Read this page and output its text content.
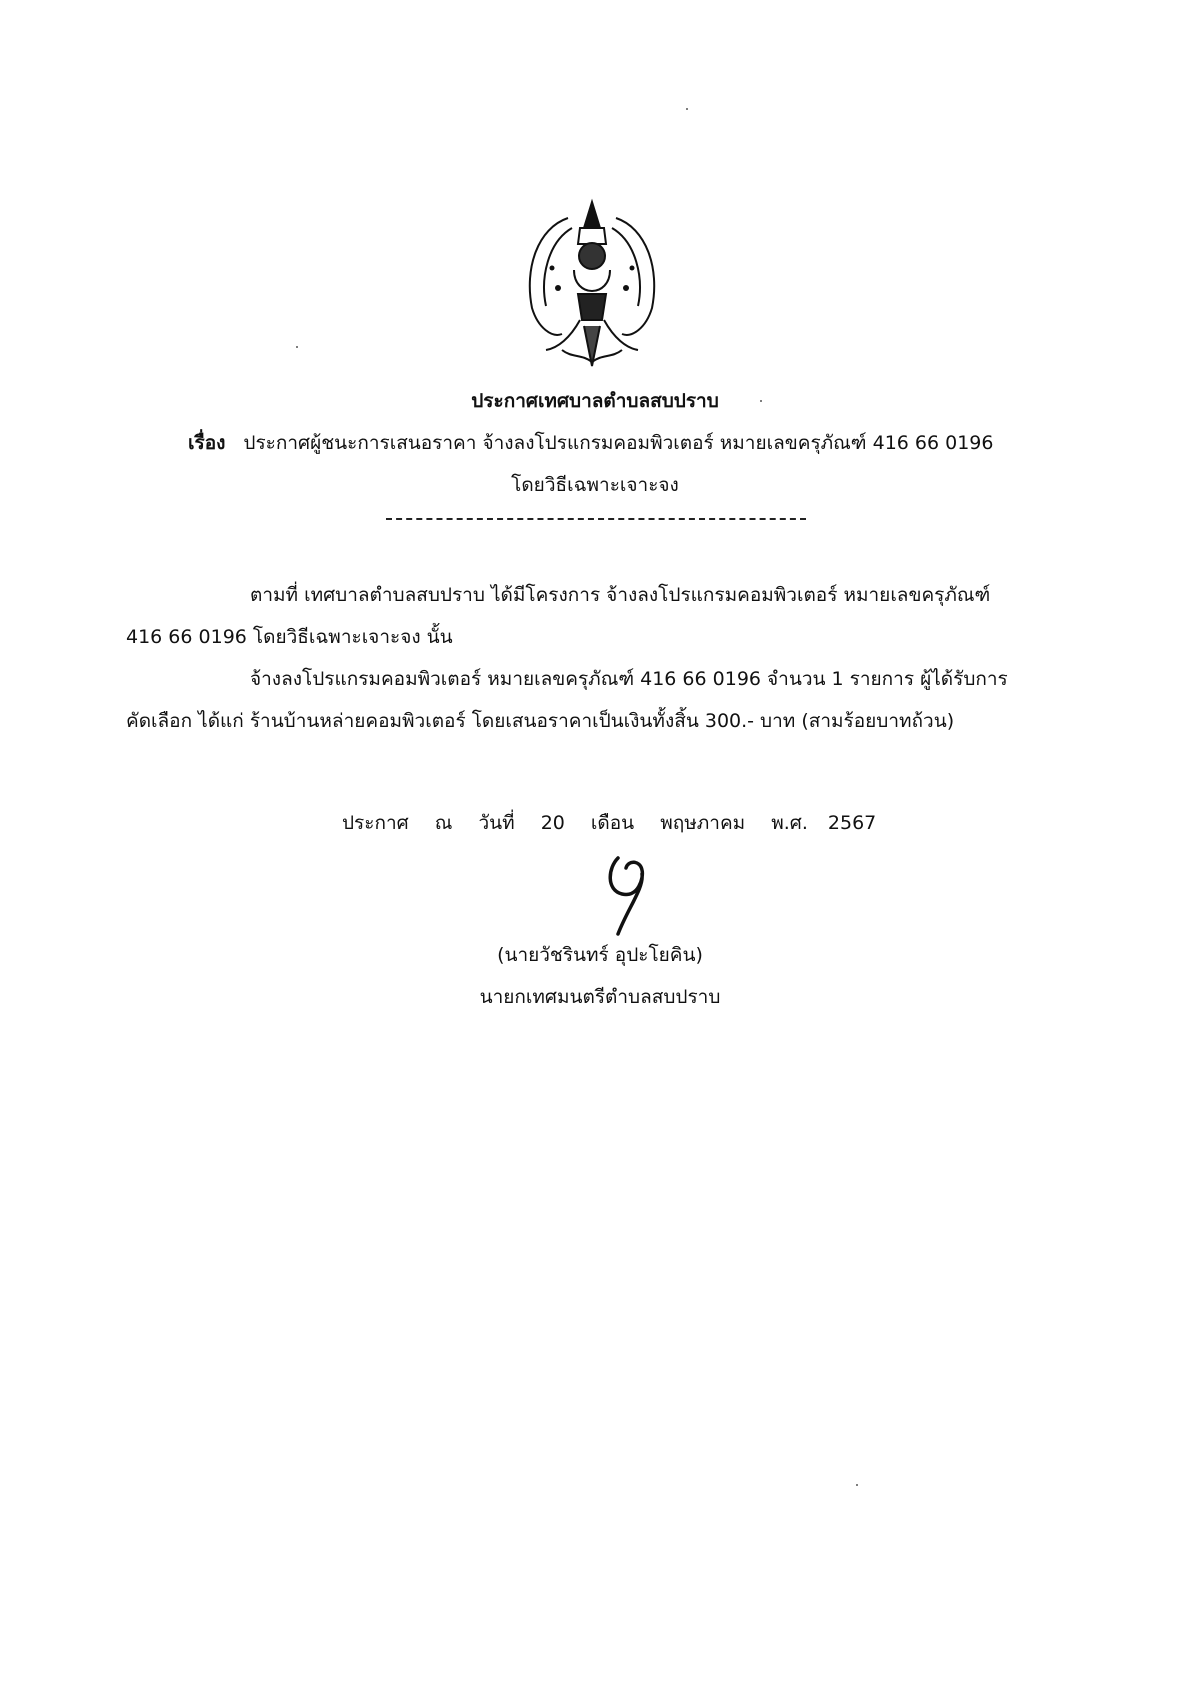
ประกาศเทศบาลตำบลสบปราบ
เรื่อง ประกาศผู้ชนะการเสนอราคา จ้างลงโปรแกรมคอมพิวเตอร์ หมายเลขครุภัณฑ์ 416 66 0196
โดยวิธีเฉพาะเจาะจง
ตามที่ เทศบาลตำบลสบปราบ ได้มีโครงการ จ้างลงโปรแกรมคอมพิวเตอร์ หมายเลขครุภัณฑ์
416 66 0196 โดยวิธีเฉพาะเจาะจง นั้น
จ้างลงโปรแกรมคอมพิวเตอร์ หมายเลขครุภัณฑ์ 416 66 0196 จำนวน 1 รายการ ผู้ได้รับการ
คัดเลือก ได้แก่ ร้านบ้านหล่ายคอมพิวเตอร์ โดยเสนอราคาเป็นเงินทั้งสิ้น 300.- บาท (สามร้อยบาทถ้วน)
ประกาศ ณ วันที่ 20 เดือน พฤษภาคม พ.ศ. 2567
(นายวัชรินทร์ อุปะโยคิน)
นายกเทศมนตรีตำบลสบปราบ
